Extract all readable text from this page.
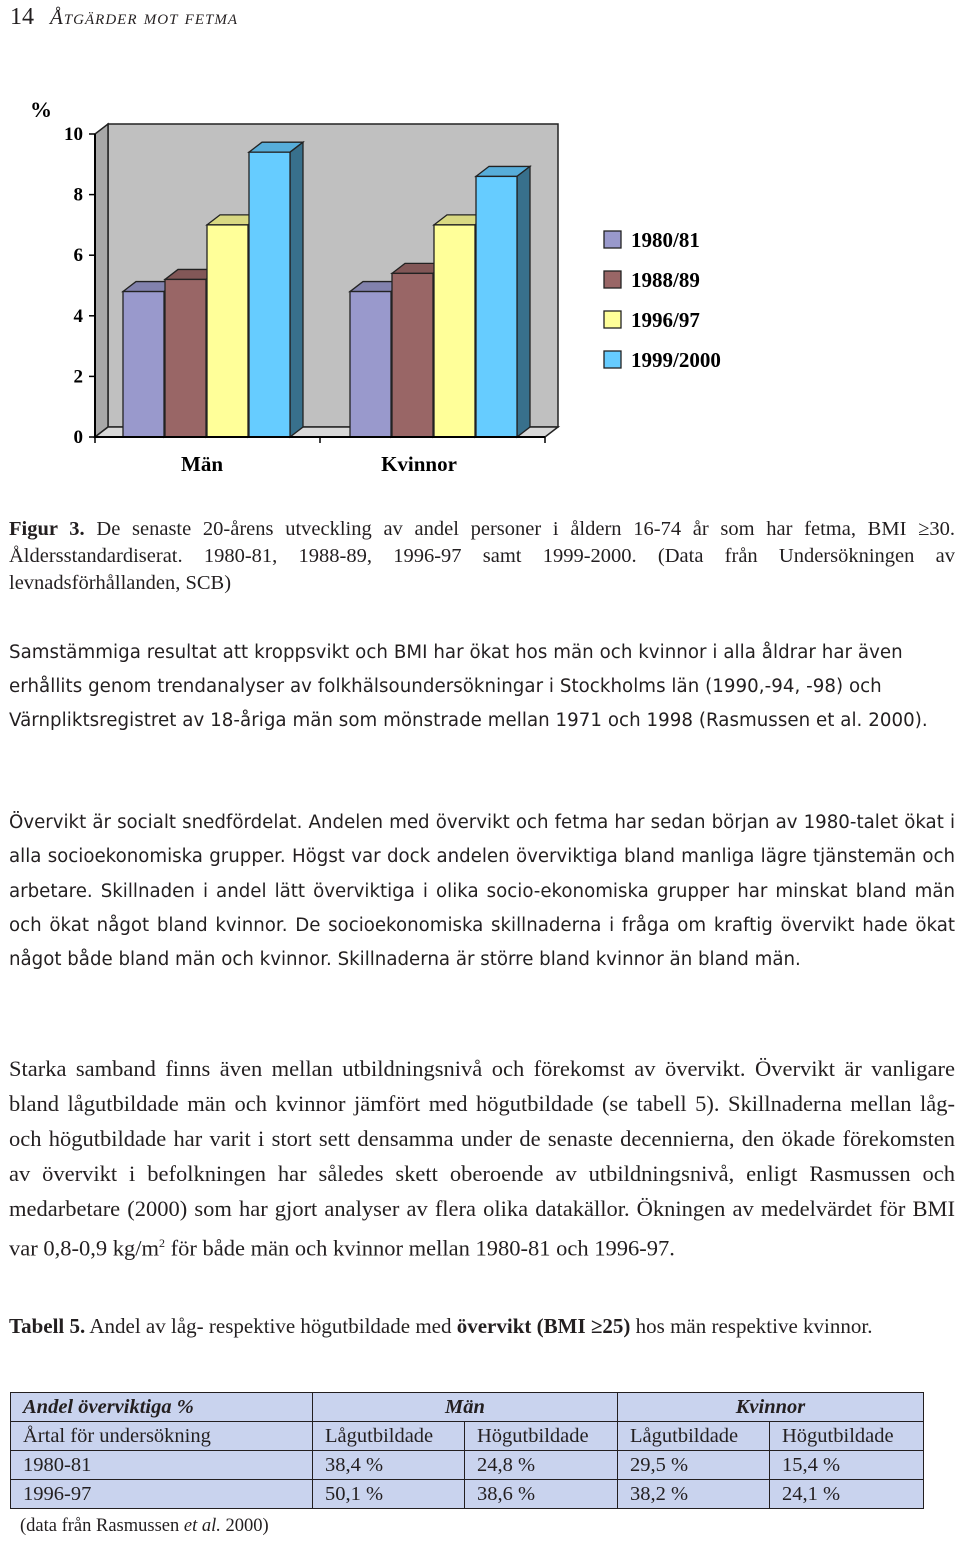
14 Åtgärder mot fetma
0
2
4
6
8
10
%
Män	Kvinnor
1980/81
1988/89
1996/97
1999/2000

Figur 3. De senaste 20-årens utveckling av andel personer i åldern 16-74 år som har fetma, BMI ≥30. Åldersstandardiserat. 1980-81, 1988-89, 1996-97 samt 1999-2000. (Data från Undersökningen av levnadsförhållanden, SCB)

Samstämmiga resultat att kroppsvikt och BMI har ökat hos män och kvinnor i alla åldrar har även erhållits genom trendanalyser av folkhälsoundersökningar i Stockholms län (1990,-94, -98) och Värnpliktsregistret av 18-åriga män som mönstrade mellan 1971 och 1998 (Rasmussen et al. 2000).

Övervikt är socialt snedfördelat. Andelen med övervikt och fetma har sedan början av 1980-talet ökat i alla socioekonomiska grupper. Högst var dock andelen överviktiga bland manliga lägre tjänstemän och arbetare. Skillnaden i andel lätt överviktiga i olika socio-ekonomiska grupper har minskat bland män och ökat något bland kvinnor. De socioekonomiska skillnaderna i fråga om kraftig övervikt hade ökat något både bland män och kvinnor. Skillnaderna är större bland kvinnor än bland män.

Starka samband finns även mellan utbildningsnivå och förekomst av övervikt. Övervikt är vanligare bland lågutbildade män och kvinnor jämfört med högutbildade (se tabell 5). Skillnaderna mellan låg- och högutbildade har varit i stort sett densamma under de senaste decennierna, den ökade förekomsten av övervikt i befolkningen har således skett oberoende av utbildningsnivå, enligt Rasmussen och medarbetare (2000) som har gjort analyser av flera olika datakällor. Ökningen av medelvärdet för BMI var 0,8-0,9 $kg/m^2$ för både män och kvinnor mellan 1980-81 och 1996-97.

Tabell 5. Andel av låg- respektive högutbildade med övervikt (BMI ≥25) hos män respektive kvinnor.

Andel överviktiga %	Män		Kvinnor	
Årtal för undersökning	Lågutbildade	Högutbildade	Lågutbildade	Högutbildade
1980-81	38,4 %	24,8 %	29,5 %	15,4 %
1996-97	50,1 %	38,6 %	38,2 %	24,1 %
(data från Rasmussen et al. 2000)
